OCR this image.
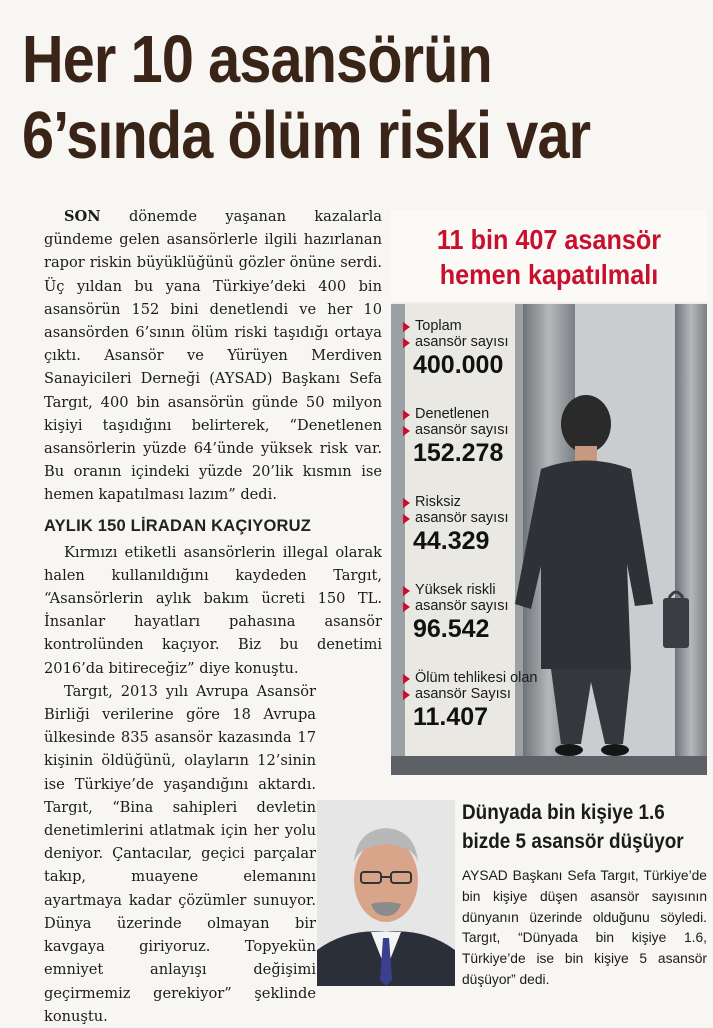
Her 10 asansörün
6’sında ölüm riski var

SON dönemde yaşanan kazalarla gündeme gelen asansörlerle ilgili hazırlanan rapor riskin büyüklüğünü gözler önüne serdi. Üç yıldan bu yana Türkiye’deki 400 bin asansörün 152 bini denetlendi ve her 10 asansörden 6’sının ölüm riski taşıdığı ortaya çıktı. Asansör ve Yürüyen Merdiven Sanayicileri Derneği (AYSAD) Başkanı Sefa Targıt, 400 bin asansörün günde 50 milyon kişiyi taşıdığını belirterek, “Denetlenen asansörlerin yüzde 64’ünde yüksek risk var. Bu oranın içindeki yüzde 20’lik kısmın ise hemen kapatılması lazım” dedi.

AYLIK 150 LİRADAN KAÇIYORUZ

Kırmızı etiketli asansörlerin illegal olarak halen kullanıldığını kaydeden Targıt, “Asansörlerin aylık bakım ücreti 150 TL. İnsanlar hayatları pahasına asansör kontrolünden kaçıyor. Biz bu denetimi 2016’da bitireceğiz” diye konuştu.

Targıt, 2013 yılı Avrupa Asansör Birliği verilerine göre 18 Avrupa ülkesinde 835 asansör kazasında 17 kişinin öldüğünü, olayların 12’sinin ise Türkiye’de yaşandığını aktardı. Targıt, “Bina sahipleri devletin denetimlerini atlatmak için her yolu deniyor. Çantacılar, geçici parçalar takıp, muayene elemanını ayartmaya kadar çözümler sunuyor. Dünya üzerinde olmayan bir kavgaya giriyoruz. Topyekün emniyet anlayışı değişimi geçirmemiz gerekiyor” şeklinde konuştu.

11 bin 407 asansör
hemen kapatılmalı
Toplam
asansör sayısı
400.000
Denetlenen
asansör sayısı
152.278
Risksiz
asansör sayısı
44.329
Yüksek riskli
asansör sayısı
96.542
Ölüm tehlikesi olan
asansör Sayısı
11.407
Dünyada bin kişiye 1.6
bizde 5 asansör düşüyor

AYSAD Başkanı Sefa Targıt, Türkiye’de bin kişiye düşen asansör sayısının dünyanın üzerinde olduğunu söyledi. Targıt, “Dünyada bin kişiye 1.6, Türkiye’de ise bin kişiye 5 asansör düşüyor” dedi.
